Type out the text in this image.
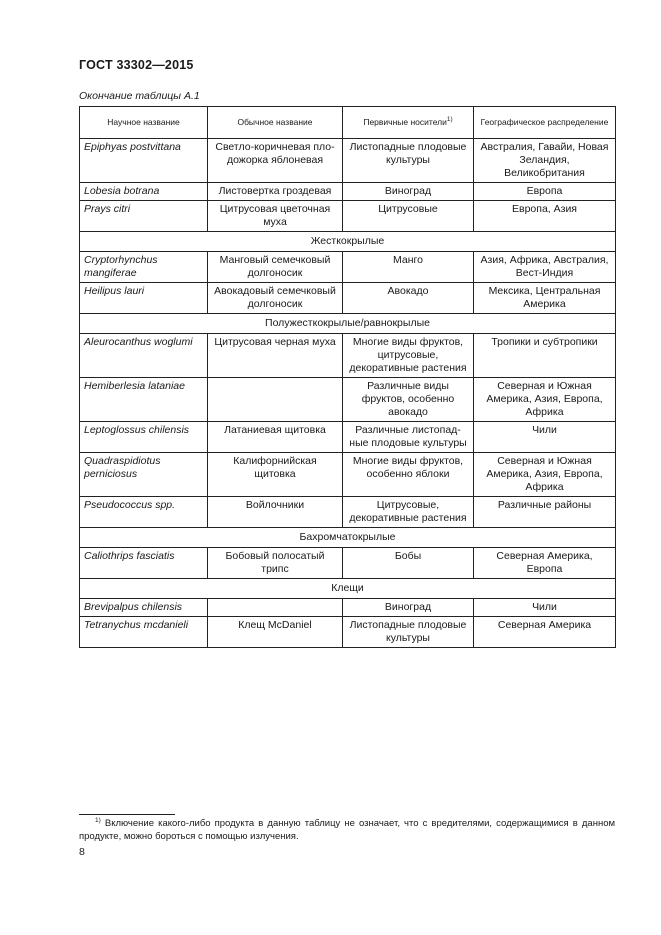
ГОСТ 33302—2015
Окончание таблицы А.1
Научное название	Обычное название	Первичные носители$^{1)}$	Географическое распределение
Epiphyas postvittana	Светло-коричневая пло-дожорка яблоневая	Листопадные плодовые культуры	Австралия, Гавайи, Новая Зеландия, Великобритания
Lobesia botrana	Листовертка гроздевая	Виноград	Европа
Prays citri	Цитрусовая цветочная муха	Цитрусовые	Европа, Азия
Жесткокрылые			
Cryptorhynchus mangiferae	Манговый семечковый долгоносик	Манго	Азия, Африка, Австралия, Вест-Индия
Heilipus lauri	Авокадовый семечковый долгоносик	Авокадо	Мексика, Центральная Америка
Полужесткокрылые/равнокрылые			
Aleurocanthus woglumi	Цитрусовая черная муха	Многие виды фруктов, цитрусовые, декоративные растения	Тропики и субтропики
Hemiberlesia lataniae		Различные виды фруктов, особенно авокадо	Северная и Южная Америка, Азия, Европа, Африка
Leptoglossus chilensis	Латаниевая щитовка	Различные листопад-ные плодовые культуры	Чили
Quadraspidiotus perniciosus	Калифорнийская щитовка	Многие виды фруктов, особенно яблоки	Северная и Южная Америка, Азия, Европа, Африка
Pseudococcus spp.	Войлочники	Цитрусовые, декоративные растения	Различные районы
Бахромчатокрылые			
Caliothrips fasciatis	Бобовый полосатый трипс	Бобы	Северная Америка, Европа
Клещи			
Brevipalpus chilensis		Виноград	Чили
Tetranychus mcdanieli	Клещ McDaniel	Листопадные плодовые культуры	Северная Америка
$^{1)}$ Включение какого-либо продукта в данную таблицу не означает, что с вредителями, содержащимися в данном продукте, можно бороться с помощью излучения.
8
